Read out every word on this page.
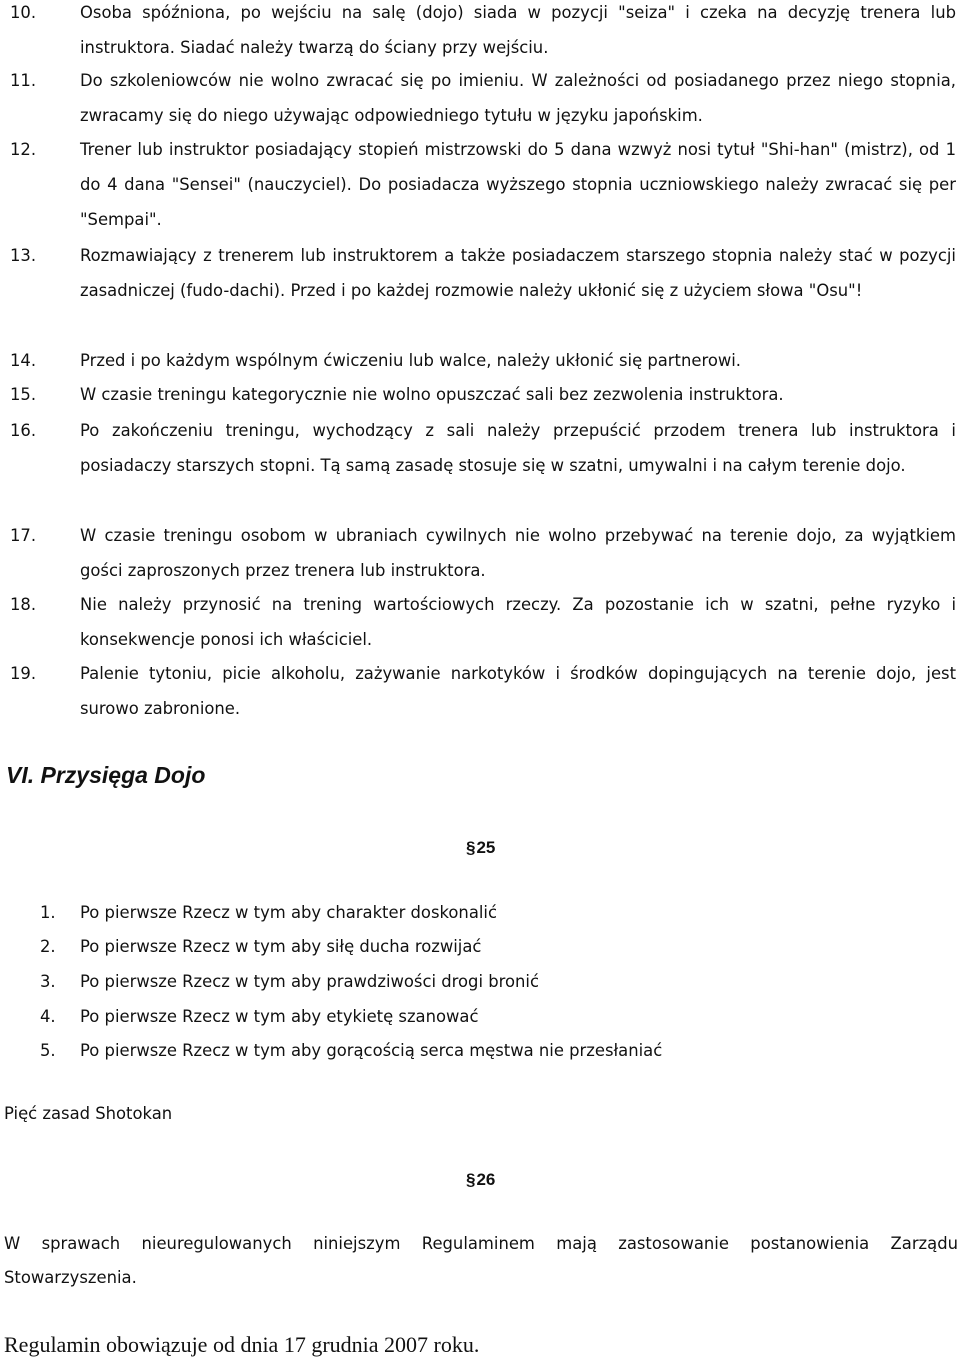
10.	Osoba spóźniona, po wejściu na salę (dojo) siada w pozycji "seiza" i czeka na decyzję trenera lub instruktora. Siadać należy twarzą do ściany przy wejściu.
11.	Do szkoleniowców nie wolno zwracać się po imieniu. W zależności od posiadanego przez niego stopnia, zwracamy się do niego używając odpowiedniego tytułu w języku japońskim.
12.	Trener lub instruktor posiadający stopień mistrzowski do 5 dana wzwyż nosi tytuł "Shi-han" (mistrz), od 1 do 4 dana "Sensei" (nauczyciel). Do posiadacza wyższego stopnia uczniowskiego należy zwracać się per "Sempai".
13.	Rozmawiający z trenerem lub instruktorem a także posiadaczem starszego stopnia należy stać w pozycji zasadniczej (fudo-dachi). Przed i po każdej rozmowie należy ukłonić się z użyciem słowa "Osu"!
14.	Przed i po każdym wspólnym ćwiczeniu lub walce, należy ukłonić się partnerowi.
15.	W czasie treningu kategorycznie nie wolno opuszczać sali bez zezwolenia instruktora.
16.	Po zakończeniu treningu, wychodzący z sali należy przepuścić przodem trenera lub instruktora i posiadaczy starszych stopni. Tą samą zasadę stosuje się w szatni, umywalni i na całym terenie dojo.
17.	W czasie treningu osobom w ubraniach cywilnych nie wolno przebywać na terenie dojo, za wyjątkiem gości zaproszonych przez trenera lub instruktora.
18.	Nie należy przynosić na trening wartościowych rzeczy. Za pozostanie ich w szatni, pełne ryzyko i konsekwencje ponosi ich właściciel.
19.	Palenie tytoniu, picie alkoholu, zażywanie narkotyków i środków dopingujących na terenie dojo, jest surowo zabronione.
VI. Przysięga Dojo
§25
1. Po pierwsze Rzecz w tym aby charakter doskonalić
2. Po pierwsze Rzecz w tym aby siłę ducha rozwijać
3. Po pierwsze Rzecz w tym aby prawdziwości drogi bronić
4. Po pierwsze Rzecz w tym aby etykietę szanować
5. Po pierwsze Rzecz w tym aby gorącością serca męstwa nie przesłaniać
Pięć zasad Shotokan
§26
W sprawach nieuregulowanych niniejszym Regulaminem mają zastosowanie postanowienia Zarządu Stowarzyszenia.
Regulamin obowiązuje od dnia 17 grudnia 2007 roku.
